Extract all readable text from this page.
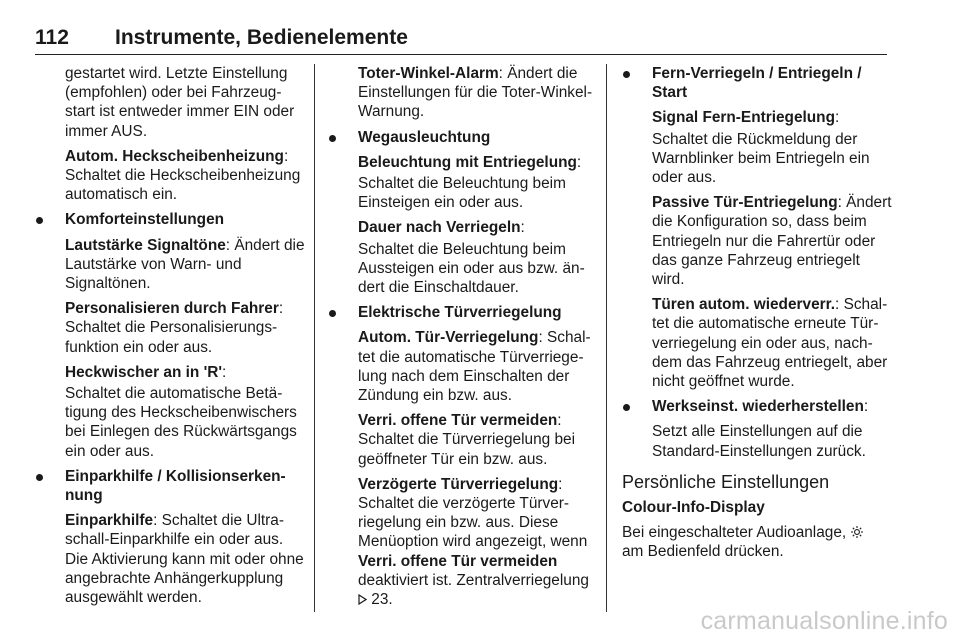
112 Instrumente, Bedienelemente

gestartet wird. Letzte Einstellung (empfohlen) oder bei Fahrzeugstart ist entweder immer EIN oder immer AUS.

Autom. Heckscheibenheizung: Schaltet die Heckscheibenheizung automatisch ein.

Komforteinstellungen

Lautstärke Signaltöne: Ändert die Lautstärke von Warn- und Signaltönen.

Personalisieren durch Fahrer: Schaltet die Personalisierungsfunktion ein oder aus.

Heckwischer an in 'R':

Schaltet die automatische Betätigung des Heckscheibenwischers bei Einlegen des Rückwärtsgangs ein oder aus.

Einparkhilfe / Kollisionserkennung

Einparkhilfe: Schaltet die Ultraschall-Einparkhilfe ein oder aus. Die Aktivierung kann mit oder ohne angebrachte Anhängerkupplung ausgewählt werden.

Toter-Winkel-Alarm: Ändert die Einstellungen für die Toter-Winkel-Warnung.

Wegausleuchtung

Beleuchtung mit Entriegelung:

Schaltet die Beleuchtung beim Einsteigen ein oder aus.

Dauer nach Verriegeln:

Schaltet die Beleuchtung beim Aussteigen ein oder aus bzw. ändert die Einschaltdauer.

Elektrische Türverriegelung

Autom. Tür-Verriegelung: Schaltet die automatische Türverriegelung nach dem Einschalten der Zündung ein bzw. aus.

Verri. offene Tür vermeiden: Schaltet die Türverriegelung bei geöffneter Tür ein bzw. aus.

Verzögerte Türverriegelung: Schaltet die verzögerte Türverriegelung ein bzw. aus. Diese Menüoption wird angezeigt, wenn Verri. offene Tür vermeiden deaktiviert ist. Zentralverriegelung  23.

Fern-Verriegeln / Entriegeln / Start

Signal Fern-Entriegelung:

Schaltet die Rückmeldung der Warnblinker beim Entriegeln ein oder aus.

Passive Tür-Entriegelung: Ändert die Konfiguration so, dass beim Entriegeln nur die Fahrertür oder das ganze Fahrzeug entriegelt wird.

Türen autom. wiederverr.: Schaltet die automatische erneute Türverriegelung ein oder aus, nachdem das Fahrzeug entriegelt, aber nicht geöffnet wurde.

Werkseinst. wiederherstellen:

Setzt alle Einstellungen auf die Standard-Einstellungen zurück.

Persönliche Einstellungen
Colour-Info-Display

Bei eingeschalteter Audioanlage,
am Bedienfeld drücken.

carmanualsonline.info
